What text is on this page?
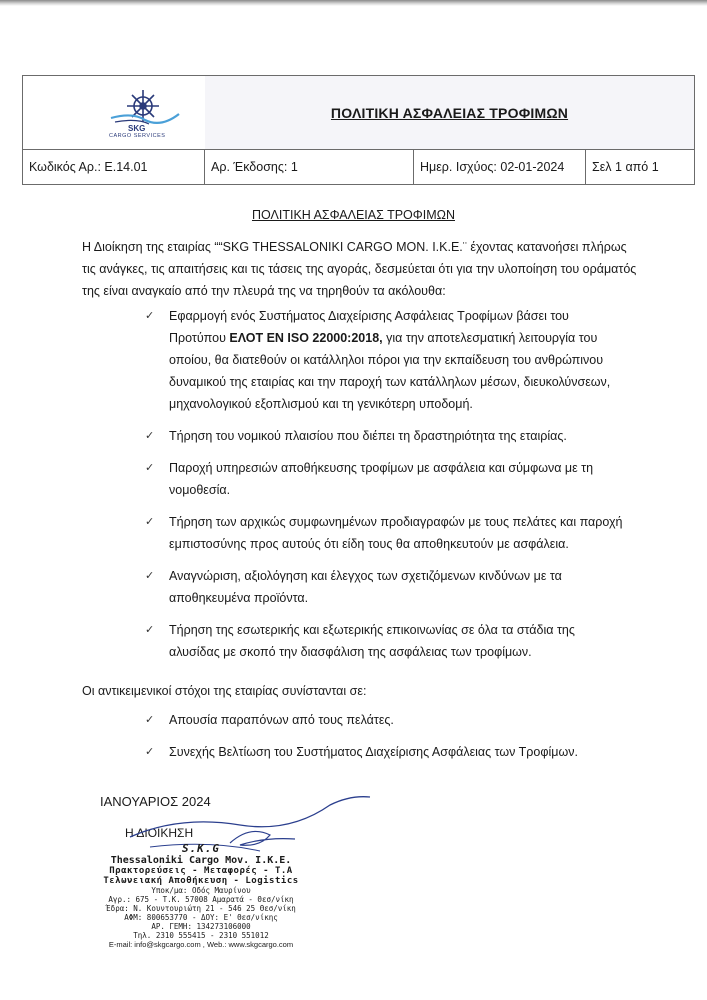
SKG
CARGO SERVICES
ΠΟΛΙΤΙΚΗ ΑΣΦΑΛΕΙΑΣ ΤΡΟΦΙΜΩΝ
Κωδικός Αρ.: Ε.14.01	Αρ. Έκδοσης: 1	Ημερ. Ισχύος: 02-01-2024	Σελ 1 από 1
ΠΟΛΙΤΙΚΗ ΑΣΦΑΛΕΙΑΣ ΤΡΟΦΙΜΩΝ
Η Διοίκηση της εταιρίας ““SKG THESSALONIKI CARGO MON. I.K.E.¨ έχοντας κατανοήσει πλήρως τις ανάγκες, τις απαιτήσεις και τις τάσεις της αγοράς, δεσμεύεται ότι για την υλοποίηση του οράματός της είναι αναγκαίο από την πλευρά της να τηρηθούν τα ακόλουθα:
✓ Εφαρμογή ενός Συστήματος Διαχείρισης Ασφάλειας Τροφίμων βάσει του Προτύπου ΕΛΟΤ ΕΝ ISO 22000:2018, για την αποτελεσματική λειτουργία του οποίου, θα διατεθούν οι κατάλληλοι πόροι για την εκπαίδευση του ανθρώπινου δυναμικού της εταιρίας και την παροχή των κατάλληλων μέσων, διευκολύνσεων, μηχανολογικού εξοπλισμού και τη γενικότερη υποδομή.
✓ Τήρηση του νομικού πλαισίου που διέπει τη δραστηριότητα της εταιρίας.
✓ Παροχή υπηρεσιών αποθήκευσης τροφίμων με ασφάλεια και σύμφωνα με τη νομοθεσία.
✓ Τήρηση των αρχικώς συμφωνημένων προδιαγραφών με τους πελάτες και παροχή εμπιστοσύνης προς αυτούς ότι είδη τους θα αποθηκευτούν με ασφάλεια.
✓ Αναγνώριση, αξιολόγηση και έλεγχος των σχετιζόμενων κινδύνων με τα αποθηκευμένα προϊόντα.
✓ Τήρηση της εσωτερικής και εξωτερικής επικοινωνίας σε όλα τα στάδια της αλυσίδας με σκοπό την διασφάλιση της ασφάλειας των τροφίμων.
Οι αντικειμενικοί στόχοι της εταιρίας συνίστανται σε:
✓ Απουσία παραπόνων από τους πελάτες.
✓ Συνεχής Βελτίωση του Συστήματος Διαχείρισης Ασφάλειας των Τροφίμων.
ΙΑΝΟΥΑΡΙΟΣ 2024
Η ΔΙΟΙΚΗΣΗ
S.K.G
Thessaloniki Cargo Mov. I.K.E.
Πρακτορεύσεις - Μεταφορές - Τ.Α
Τελωνειακή Αποθήκευση - Logistics
Υποκ/μα: Οδός Μαυρίνου
Αγρ.: 675 - Τ.Κ. 57008 Αμαρατά - Θεσ/νίκη
Έδρα: Ν. Κουντουριώτη 21 - 546 25 Θεσ/νίκη
ΑΦΜ: 800653770 - ΔΟΥ: Ε' Θεσ/νίκης
ΑΡ. ΓΕΜΗ: 134273106000
Τηλ. 2310 555415 - 2310 551012
E-mail: info@skgcargo.com , Web.: www.skgcargo.com
